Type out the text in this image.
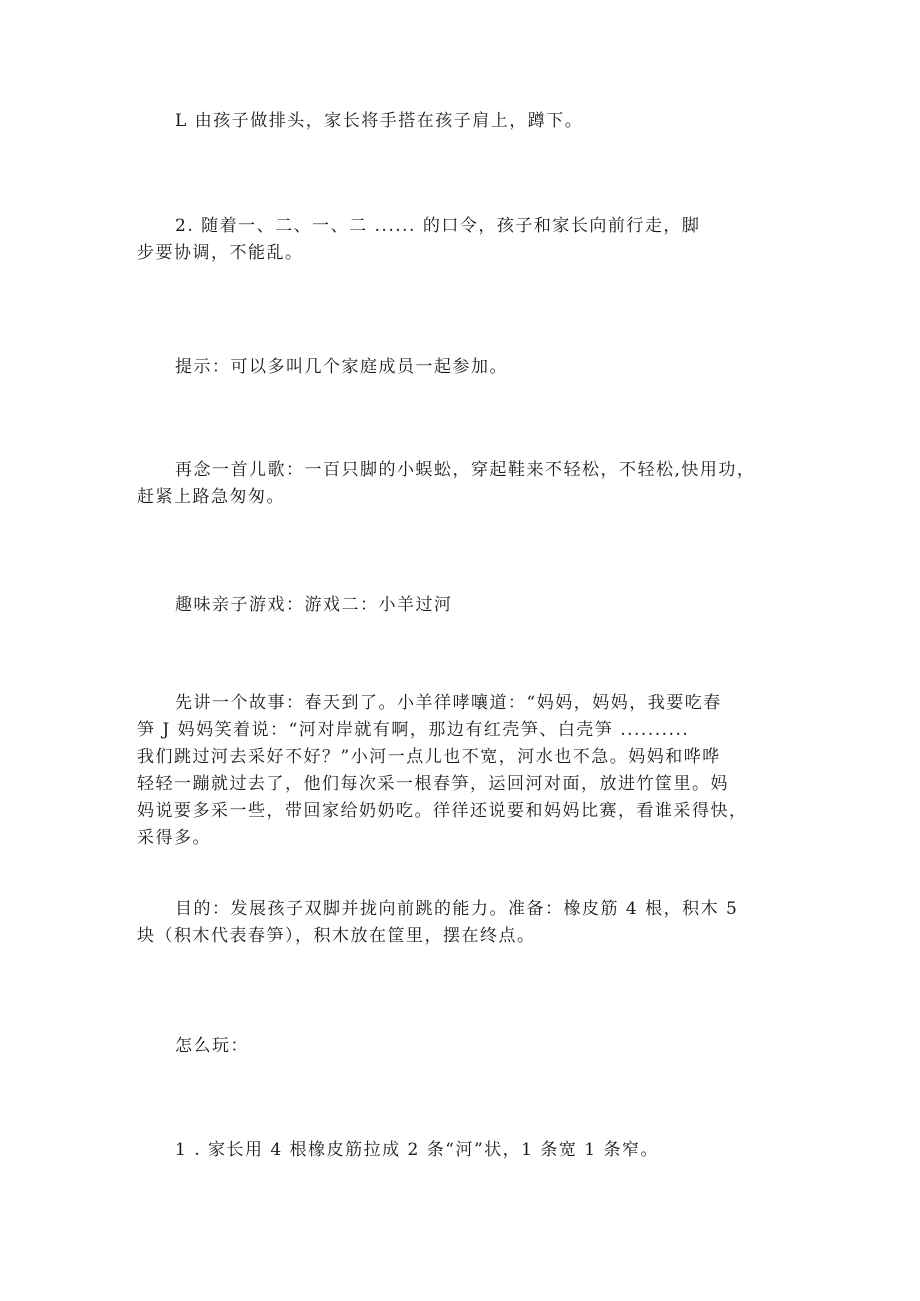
L 由孩子做排头，家长将手搭在孩子肩上，蹲下。

2. 随着一、二、一、二 ...... 的口令，孩子和家长向前行走，脚
步要协调，不能乱。

提示：可以多叫几个家庭成员一起参加。

再念一首儿歌：一百只脚的小蜈蚣，穿起鞋来不轻松，不轻松,快用功，
赶紧上路急匆匆。

趣味亲子游戏：游戏二：小羊过河

先讲一个故事：春天到了。小羊徉哮嚷道：“妈妈，妈妈，我要吃春
笋 J 妈妈笑着说：“河对岸就有啊，那边有红壳笋、白壳笋 ..........
我们跳过河去采好不好？”小河一点儿也不宽，河水也不急。妈妈和哗哗
轻轻一蹦就过去了，他们每次采一根春笋，运回河对面，放进竹筐里。妈
妈说要多采一些，带回家给奶奶吃。徉徉还说要和妈妈比赛，看谁采得快，
采得多。

目的：发展孩子双脚并拢向前跳的能力。准备：橡皮筋 4 根，积木 5
块（积木代表春笋），积木放在筐里，摆在终点。

怎么玩：

1 . 家长用 4 根橡皮筋拉成 2 条“河”状，1 条宽 1 条窄。
